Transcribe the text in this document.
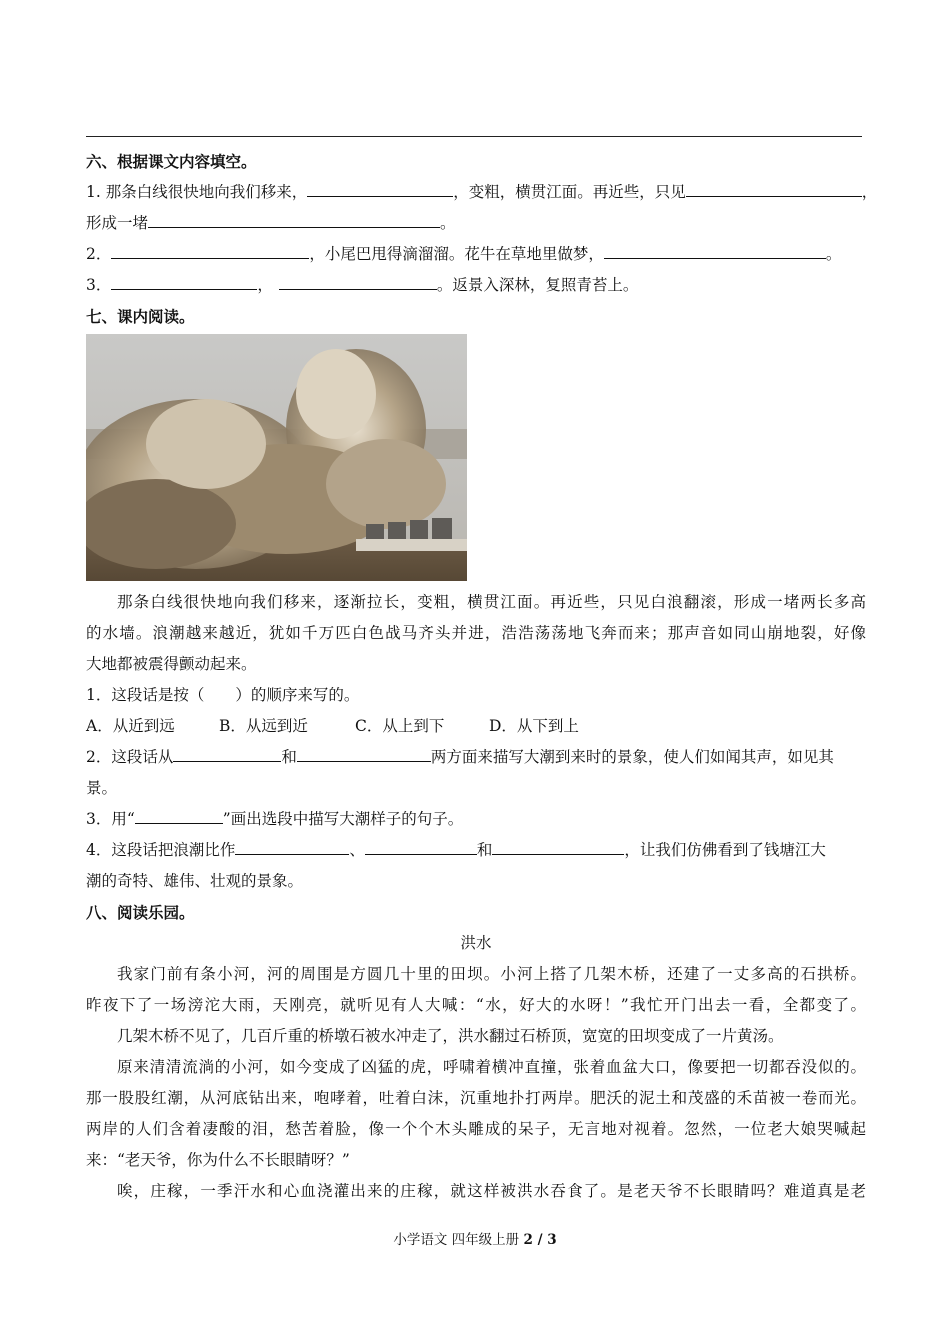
六、根据课文内容填空。
1. 那条白线很快地向我们移来，	，变粗，横贯江面。再近些，只见	，
形成一堵	。
2．	，小尾巴甩得滴溜溜。花牛在草地里做梦，	。
3．	，	。返景入深林，复照青苔上。
七、课内阅读。
那条白线很快地向我们移来，逐渐拉长，变粗，横贯江面。再近些，只见白浪翻滚，形成一堵两长多高
的水墙。浪潮越来越近，犹如千万匹白色战马齐头并进，浩浩荡荡地飞奔而来；那声音如同山崩地裂，好像
大地都被震得颤动起来。
1．这段话是按（　　）的顺序来写的。
A．从近到远	B．从远到近	C．从上到下	D．从下到上
2．这段话从	和	两方面来描写大潮到来时的景象，使人们如闻其声，如见其
景。
3．用“	”画出选段中描写大潮样子的句子。
4．这段话把浪潮比作	、	和	，让我们仿佛看到了钱塘江大
潮的奇特、雄伟、壮观的景象。
八、阅读乐园。
洪水
我家门前有条小河，河的周围是方圆几十里的田坝。小河上搭了几架木桥，还建了一丈多高的石拱桥。
昨夜下了一场滂沱大雨，天刚亮，就听见有人大喊：“水，好大的水呀！”我忙开门出去一看，全都变了。
几架木桥不见了，几百斤重的桥墩石被水冲走了，洪水翻过石桥顶，宽宽的田坝变成了一片黄汤。
原来清清流淌的小河，如今变成了凶猛的虎，呼啸着横冲直撞，张着血盆大口，像要把一切都吞没似的。
那一股股红潮，从河底钻出来，咆哮着，吐着白沫，沉重地扑打两岸。肥沃的泥土和茂盛的禾苗被一卷而光。
两岸的人们含着凄酸的泪，愁苦着脸，像一个个木头雕成的呆子，无言地对视着。忽然，一位老大娘哭喊起
来：“老天爷，你为什么不长眼睛呀？”
唉，庄稼，一季汗水和心血浇灌出来的庄稼，就这样被洪水吞食了。是老天爷不长眼睛吗？难道真是老
小学语文 四年级上册 2 / 3
